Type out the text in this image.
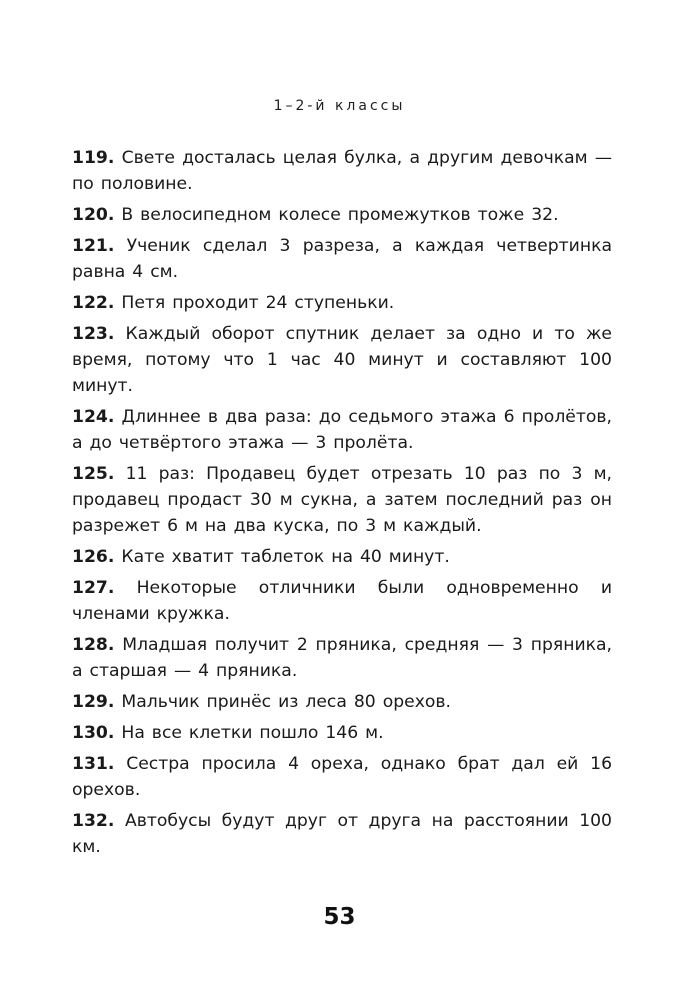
1–2-й классы

119. Свете досталась целая булка, а другим девочкам — по половине.

120. В велосипедном колесе промежутков тоже 32.

121. Ученик сделал 3 разреза, а каждая четвертинка равна 4 см.

122. Петя проходит 24 ступеньки.

123. Каждый оборот спутник делает за одно и то же время, потому что 1 час 40 минут и составляют 100 минут.

124. Длиннее в два раза: до седьмого этажа 6 пролётов, а до четвёртого этажа — 3 пролёта.

125. 11 раз: Продавец будет отрезать 10 раз по 3 м, продавец продаст 30 м сукна, а затем последний раз он разрежет 6 м на два куска, по 3 м каждый.

126. Кате хватит таблеток на 40 минут.

127. Некоторые отличники были одновременно и членами кружка.

128. Младшая получит 2 пряника, средняя — 3 пряника, а старшая — 4 пряника.

129. Мальчик принёс из леса 80 орехов.

130. На все клетки пошло 146 м.

131. Сестра просила 4 ореха, однако брат дал ей 16 орехов.

132. Автобусы будут друг от друга на расстоянии 100 км.

53
